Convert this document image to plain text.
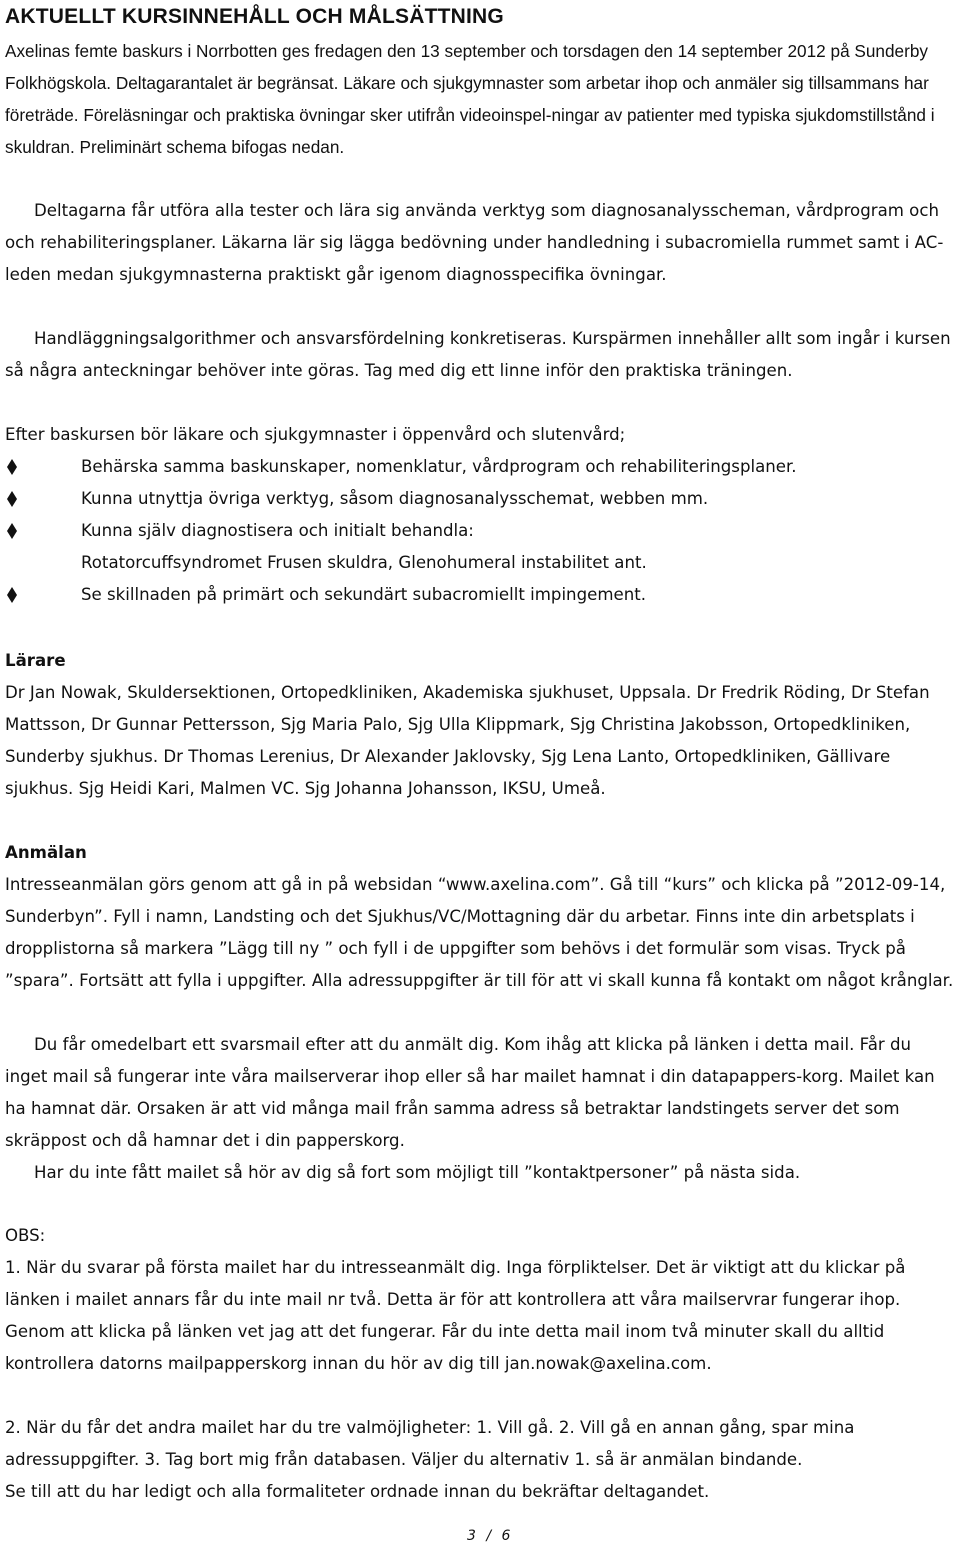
AKTUELLT KURSINNEHÅLL OCH MÅLSÄTTNING

Axelinas femte baskurs i Norrbotten ges fredagen den 13 september och torsdagen den 14 september 2012 på Sunderby Folkhögskola. Deltagarantalet är begränsat. Läkare och sjukgymnaster som arbetar ihop och anmäler sig tillsammans har företräde. Föreläsningar och praktiska övningar sker utifrån videoinspel-ningar av patienter med typiska sjukdomstillstånd i skuldran. Preliminärt schema bifogas nedan.

Deltagarna får utföra alla tester och lära sig använda verktyg som diagnosanalysscheman, vårdprogram och och rehabiliteringsplaner. Läkarna lär sig lägga bedövning under handledning i subacromiella rummet samt i AC-leden medan sjukgymnasterna praktiskt går igenom diagnosspecifika övningar.

Handläggningsalgorithmer och ansvarsfördelning konkretiseras. Kurspärmen innehåller allt som ingår i kursen så några anteckningar behöver inte göras. Tag med dig ett linne inför den praktiska träningen.

Efter baskursen bör läkare och sjukgymnaster i öppenvård och slutenvård;

Behärska samma baskunskaper, nomenklatur, vårdprogram och rehabiliteringsplaner.
Kunna utnyttja övriga verktyg, såsom diagnosanalysschemat, webben mm.
Kunna själv diagnostisera och initialt behandla:
Rotatorcuffsyndromet Frusen skuldra, Glenohumeral instabilitet ant.
Se skillnaden på primärt och sekundärt subacromiellt impingement.
Lärare

Dr Jan Nowak, Skuldersektionen, Ortopedkliniken, Akademiska sjukhuset, Uppsala. Dr Fredrik Röding, Dr Stefan Mattsson, Dr Gunnar Pettersson, Sjg Maria Palo, Sjg Ulla Klippmark, Sjg Christina Jakobsson, Ortopedkliniken, Sunderby sjukhus. Dr Thomas Lerenius, Dr Alexander Jaklovsky, Sjg Lena Lanto, Ortopedkliniken, Gällivare sjukhus. Sjg Heidi Kari, Malmen VC. Sjg Johanna Johansson, IKSU, Umeå.

Anmälan

Intresseanmälan görs genom att gå in på websidan “www.axelina.com”. Gå till “kurs” och klicka på ”2012-09-14, Sunderbyn”. Fyll i namn, Landsting och det Sjukhus/VC/Mottagning där du arbetar. Finns inte din arbetsplats i dropplistorna så markera ”Lägg till ny ” och fyll i de uppgifter som behövs i det formulär som visas. Tryck på ”spara”. Fortsätt att fylla i uppgifter. Alla adressuppgifter är till för att vi skall kunna få kontakt om något krånglar.

Du får omedelbart ett svarsmail efter att du anmält dig. Kom ihåg att klicka på länken i detta mail. Får du inget mail så fungerar inte våra mailserverar ihop eller så har mailet hamnat i din datapappers-korg. Mailet kan ha hamnat där. Orsaken är att vid många mail från samma adress så betraktar landstingets server det som skräppost och då hamnar det i din papperskorg.

Har du inte fått mailet så hör av dig så fort som möjligt till ”kontaktpersoner” på nästa sida.

OBS:

1. När du svarar på första mailet har du intresseanmält dig. Inga förpliktelser. Det är viktigt att du klickar på länken i mailet annars får du inte mail nr två. Detta är för att kontrollera att våra mailservrar fungerar ihop. Genom att klicka på länken vet jag att det fungerar. Får du inte detta mail inom två minuter skall du alltid kontrollera datorns mailpapperskorg innan du hör av dig till jan.nowak@axelina.com.

2. När du får det andra mailet har du tre valmöjligheter: 1. Vill gå. 2. Vill gå en annan gång, spar mina adressuppgifter. 3. Tag bort mig från databasen. Väljer du alternativ 1. så är anmälan bindande.

Se till att du har ledigt och alla formaliteter ordnade innan du bekräftar deltagandet.

3 / 6
